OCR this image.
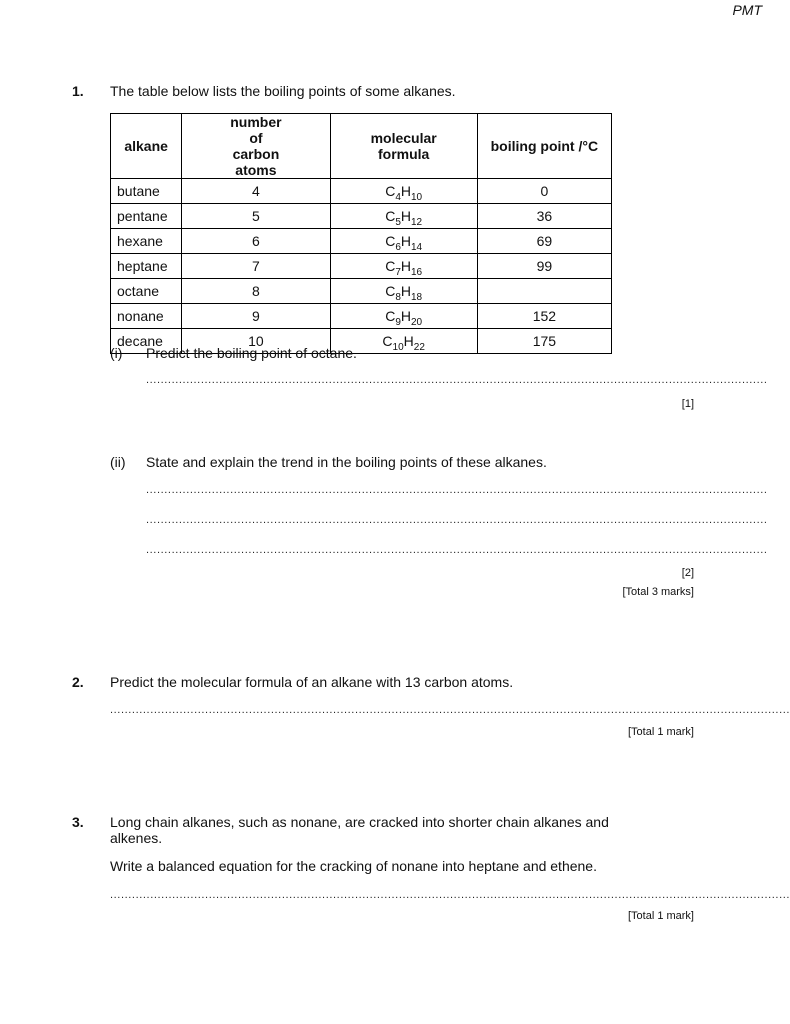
PMT
1. The table below lists the boiling points of some alkanes.
alkane	number of carbon atoms	molecular formula	boiling point /°C
butane	4	$C_4H_{10}$	0
pentane	5	$C_5H_{12}$	36
hexane	6	$C_6H_{14}$	69
heptane	7	$C_7H_{16}$	99
octane	8	$C_8H_{18}$	
nonane	9	$C_9H_{20}$	152
decane	10	$C_{10}H_{22}$	175
(i) Predict the boiling point of octane.
..........................................................................................................................................................................
[1]
(ii) State and explain the trend in the boiling points of these alkanes.
..........................................................................................................................................................................
..........................................................................................................................................................................
..........................................................................................................................................................................
[2]
[Total 3 marks]
2. Predict the molecular formula of an alkane with 13 carbon atoms.
..........................................................................................................................................................................................
[Total 1 mark]
3. Long chain alkanes, such as nonane, are cracked into shorter chain alkanes and alkenes.
Write a balanced equation for the cracking of nonane into heptane and ethene.
..........................................................................................................................................................................................
[Total 1 mark]
